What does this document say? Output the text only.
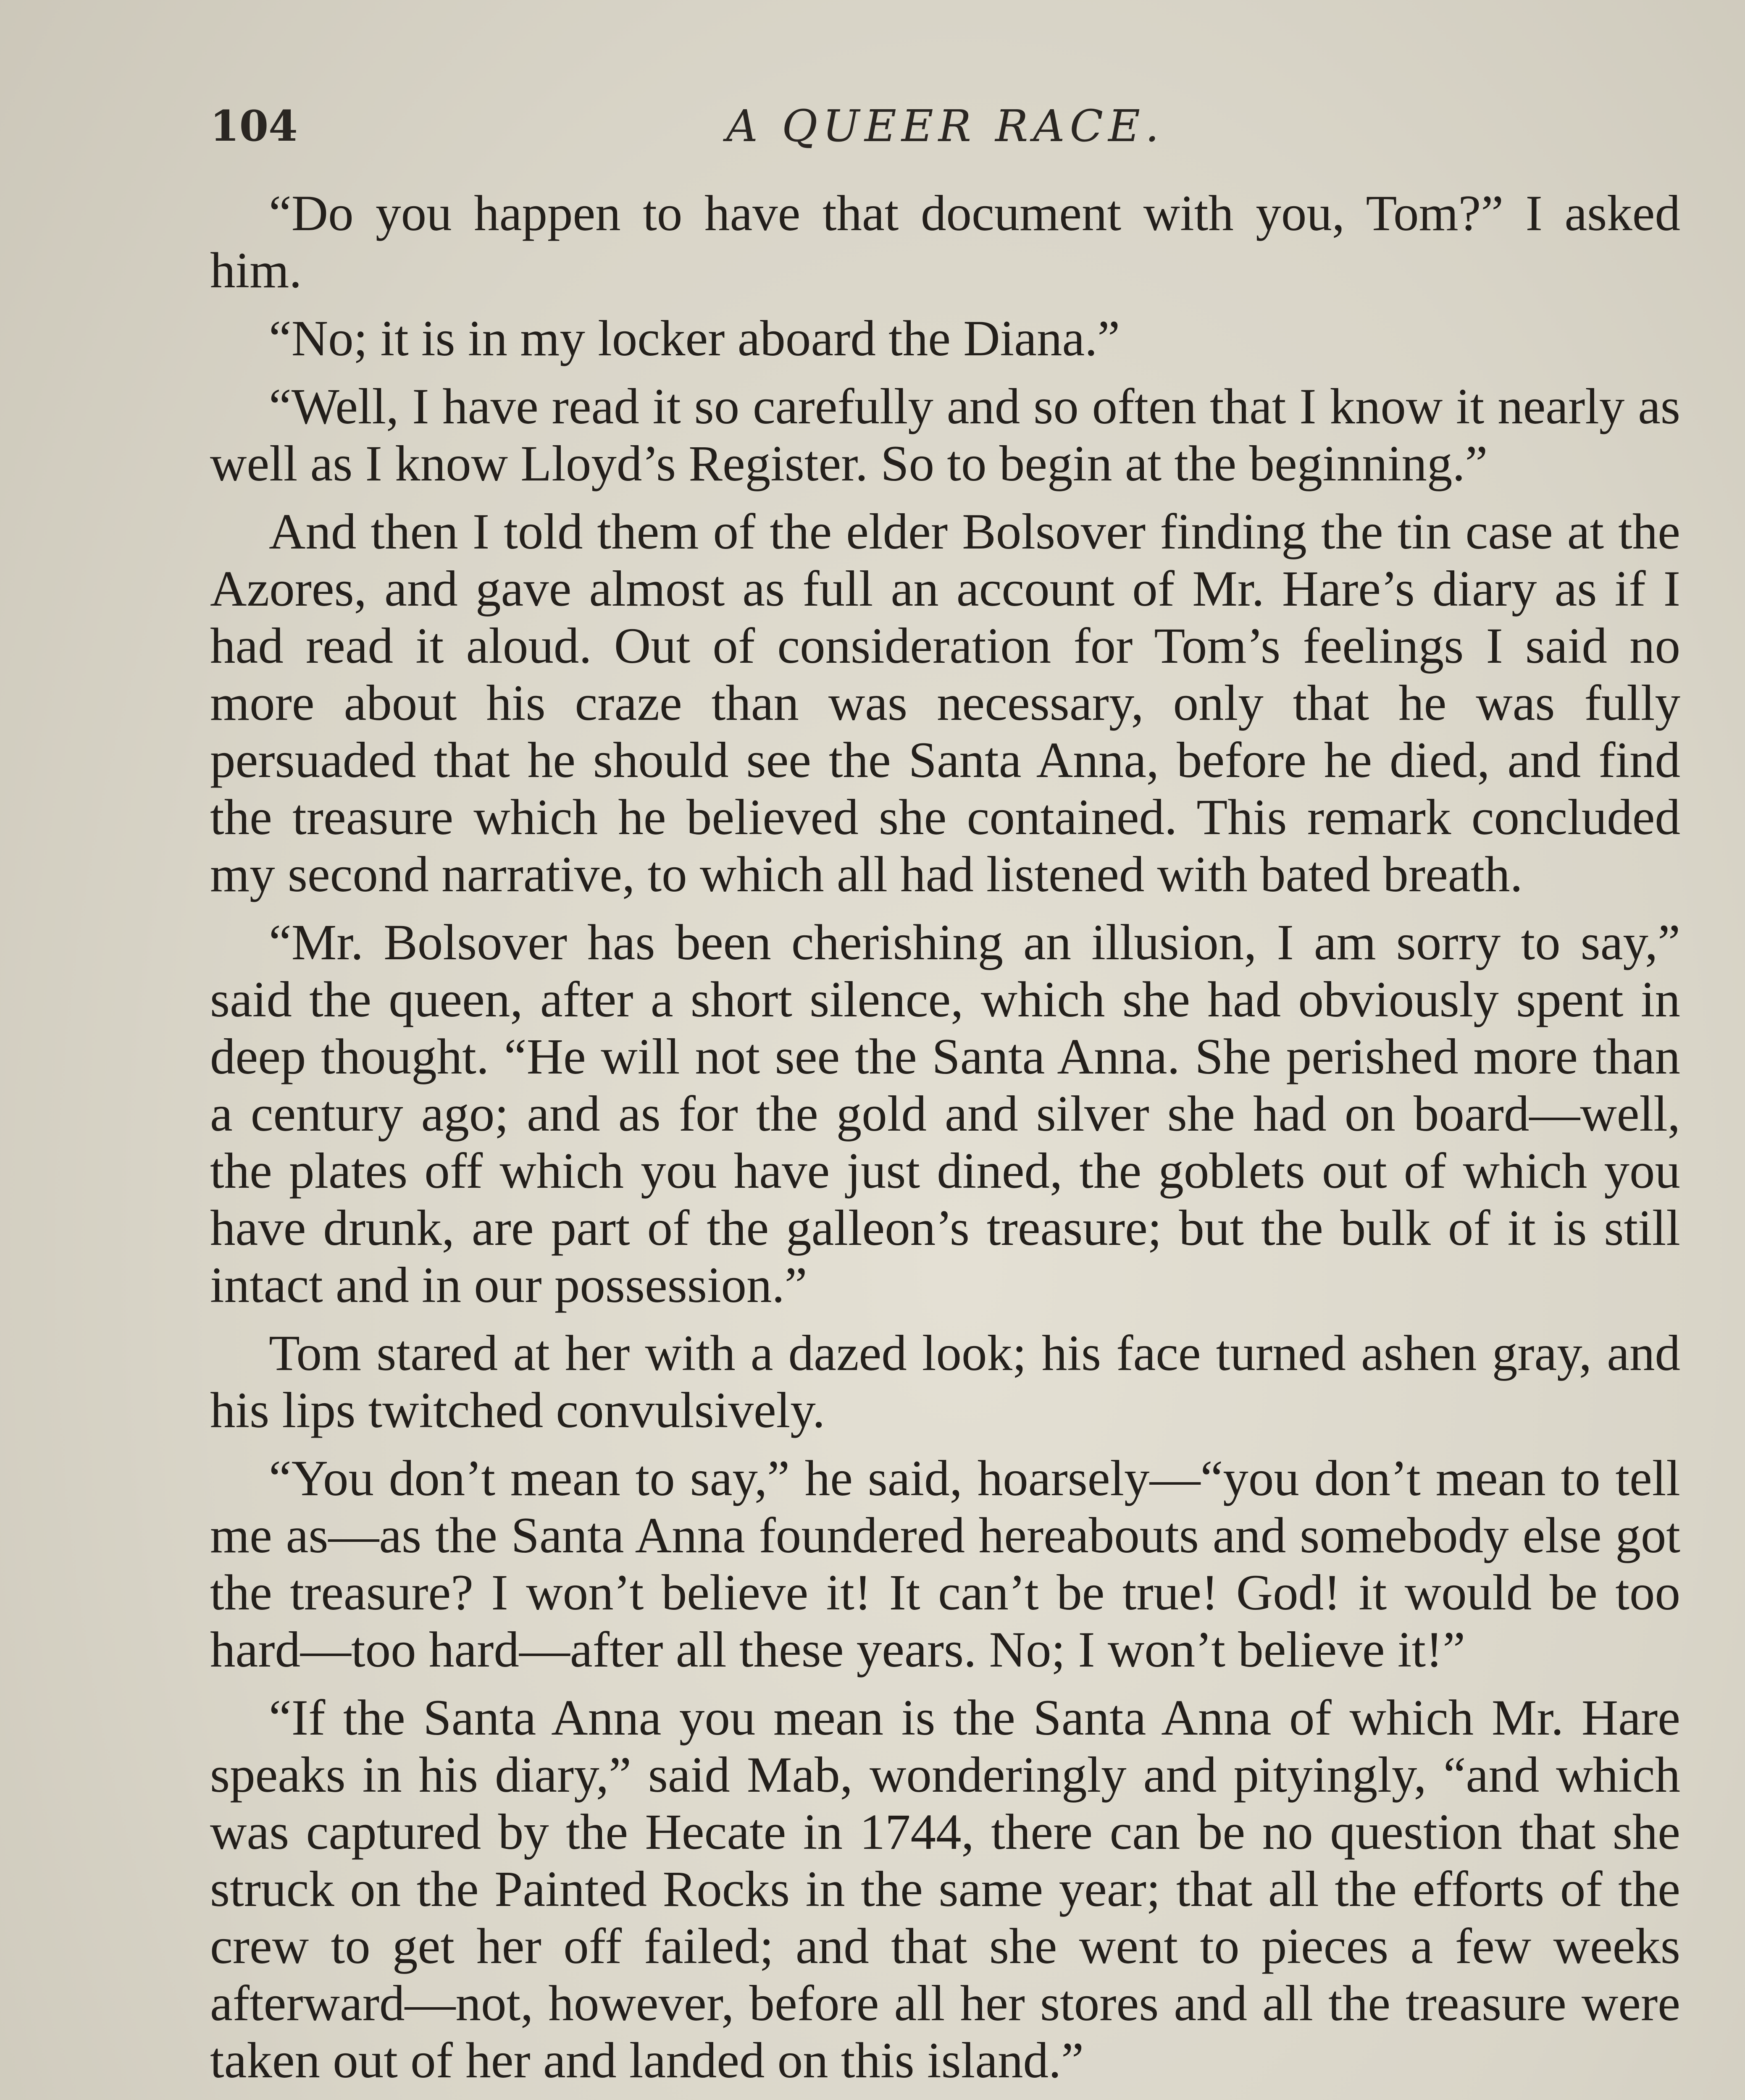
104	A QUEER RACE.

“Do you happen to have that document with you, Tom?” I asked him.

“No; it is in my locker aboard the Diana.”

“Well, I have read it so carefully and so often that I know it nearly as well as I know Lloyd’s Register. So to begin at the beginning.”

And then I told them of the elder Bolsover finding the tin case at the Azores, and gave almost as full an account of Mr. Hare’s diary as if I had read it aloud. Out of consideration for Tom’s feelings I said no more about his craze than was necessary, only that he was fully persuaded that he should see the Santa Anna, before he died, and find the treasure which he believed she contained. This remark concluded my second narrative, to which all had listened with bated breath.

“Mr. Bolsover has been cherishing an illusion, I am sorry to say,” said the queen, after a short silence, which she had obviously spent in deep thought. “He will not see the Santa Anna. She perished more than a century ago; and as for the gold and silver she had on board—well, the plates off which you have just dined, the goblets out of which you have drunk, are part of the galleon’s treasure; but the bulk of it is still intact and in our possession.”

Tom stared at her with a dazed look; his face turned ashen gray, and his lips twitched convulsively.

“You don’t mean to say,” he said, hoarsely—“you don’t mean to tell me as—as the Santa Anna foundered hereabouts and somebody else got the treasure? I won’t believe it! It can’t be true! God! it would be too hard—too hard—after all these years. No; I won’t believe it!”

“If the Santa Anna you mean is the Santa Anna of which Mr. Hare speaks in his diary,” said Mab, wonderingly and pityingly, “and which was captured by the Hecate in 1744, there can be no question that she struck on the Painted Rocks in the same year; that all the efforts of the crew to get her off failed; and that she went to pieces a few weeks afterward—not, however, before all her stores and all the treasure were taken out of her and landed on this island.”
